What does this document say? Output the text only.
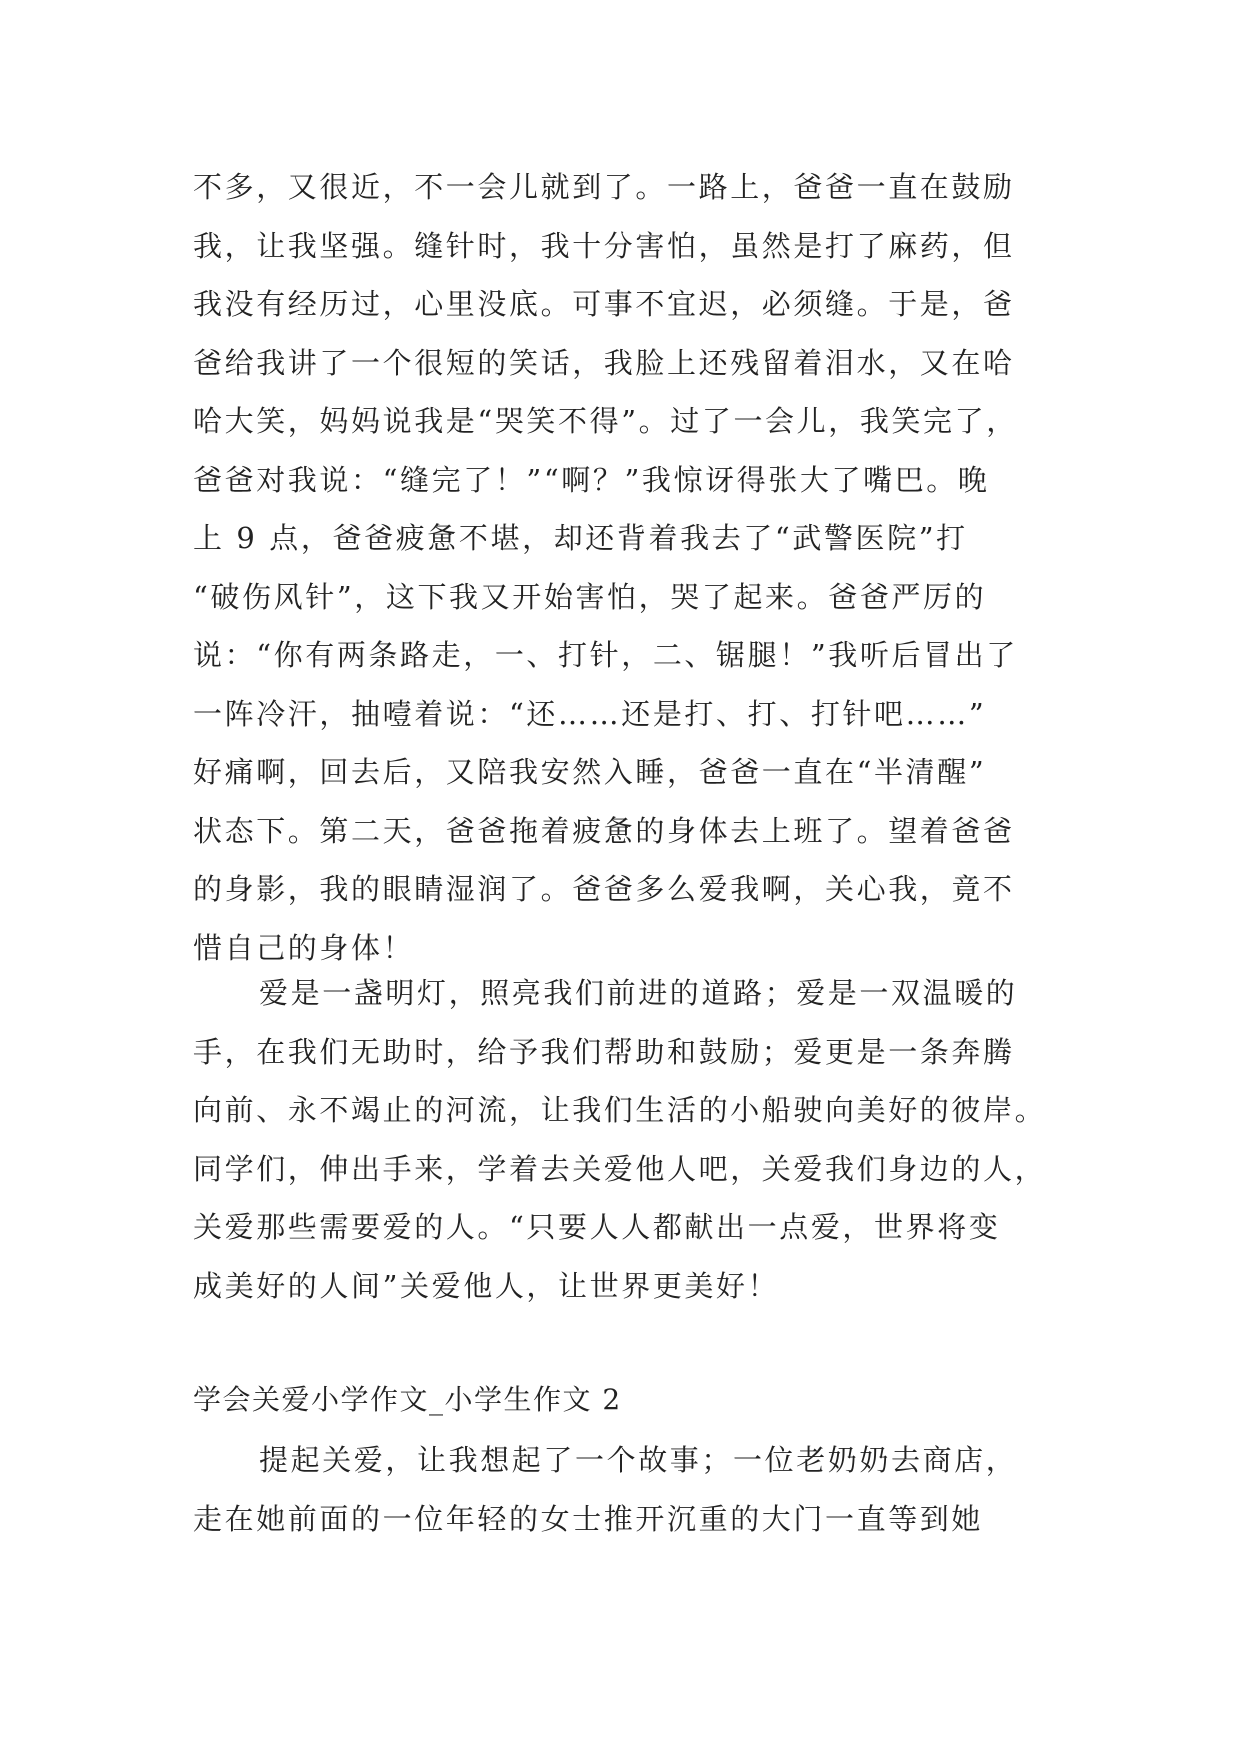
不多，又很近，不一会儿就到了。一路上，爸爸一直在鼓励
我，让我坚强。缝针时，我十分害怕，虽然是打了麻药，但
我没有经历过，心里没底。可事不宜迟，必须缝。于是，爸
爸给我讲了一个很短的笑话，我脸上还残留着泪水，又在哈
哈大笑，妈妈说我是“哭笑不得”。过了一会儿，我笑完了，
爸爸对我说：“缝完了！”“啊？”我惊讶得张大了嘴巴。晚
上 9 点，爸爸疲惫不堪，却还背着我去了“武警医院”打
“破伤风针”，这下我又开始害怕，哭了起来。爸爸严厉的
说：“你有两条路走，一、打针，二、锯腿！”我听后冒出了
一阵冷汗，抽噎着说：“还……还是打、打、打针吧……”
好痛啊，回去后，又陪我安然入睡，爸爸一直在“半清醒”
状态下。第二天，爸爸拖着疲惫的身体去上班了。望着爸爸
的身影，我的眼睛湿润了。爸爸多么爱我啊，关心我，竟不
惜自己的身体！
爱是一盏明灯，照亮我们前进的道路；爱是一双温暖的
手，在我们无助时，给予我们帮助和鼓励；爱更是一条奔腾
向前、永不竭止的河流，让我们生活的小船驶向美好的彼岸。
同学们，伸出手来，学着去关爱他人吧，关爱我们身边的人，
关爱那些需要爱的人。“只要人人都献出一点爱，世界将变
成美好的人间”关爱他人，让世界更美好！
学会关爱小学作文_小学生作文 2
提起关爱，让我想起了一个故事；一位老奶奶去商店，
走在她前面的一位年轻的女士推开沉重的大门一直等到她
